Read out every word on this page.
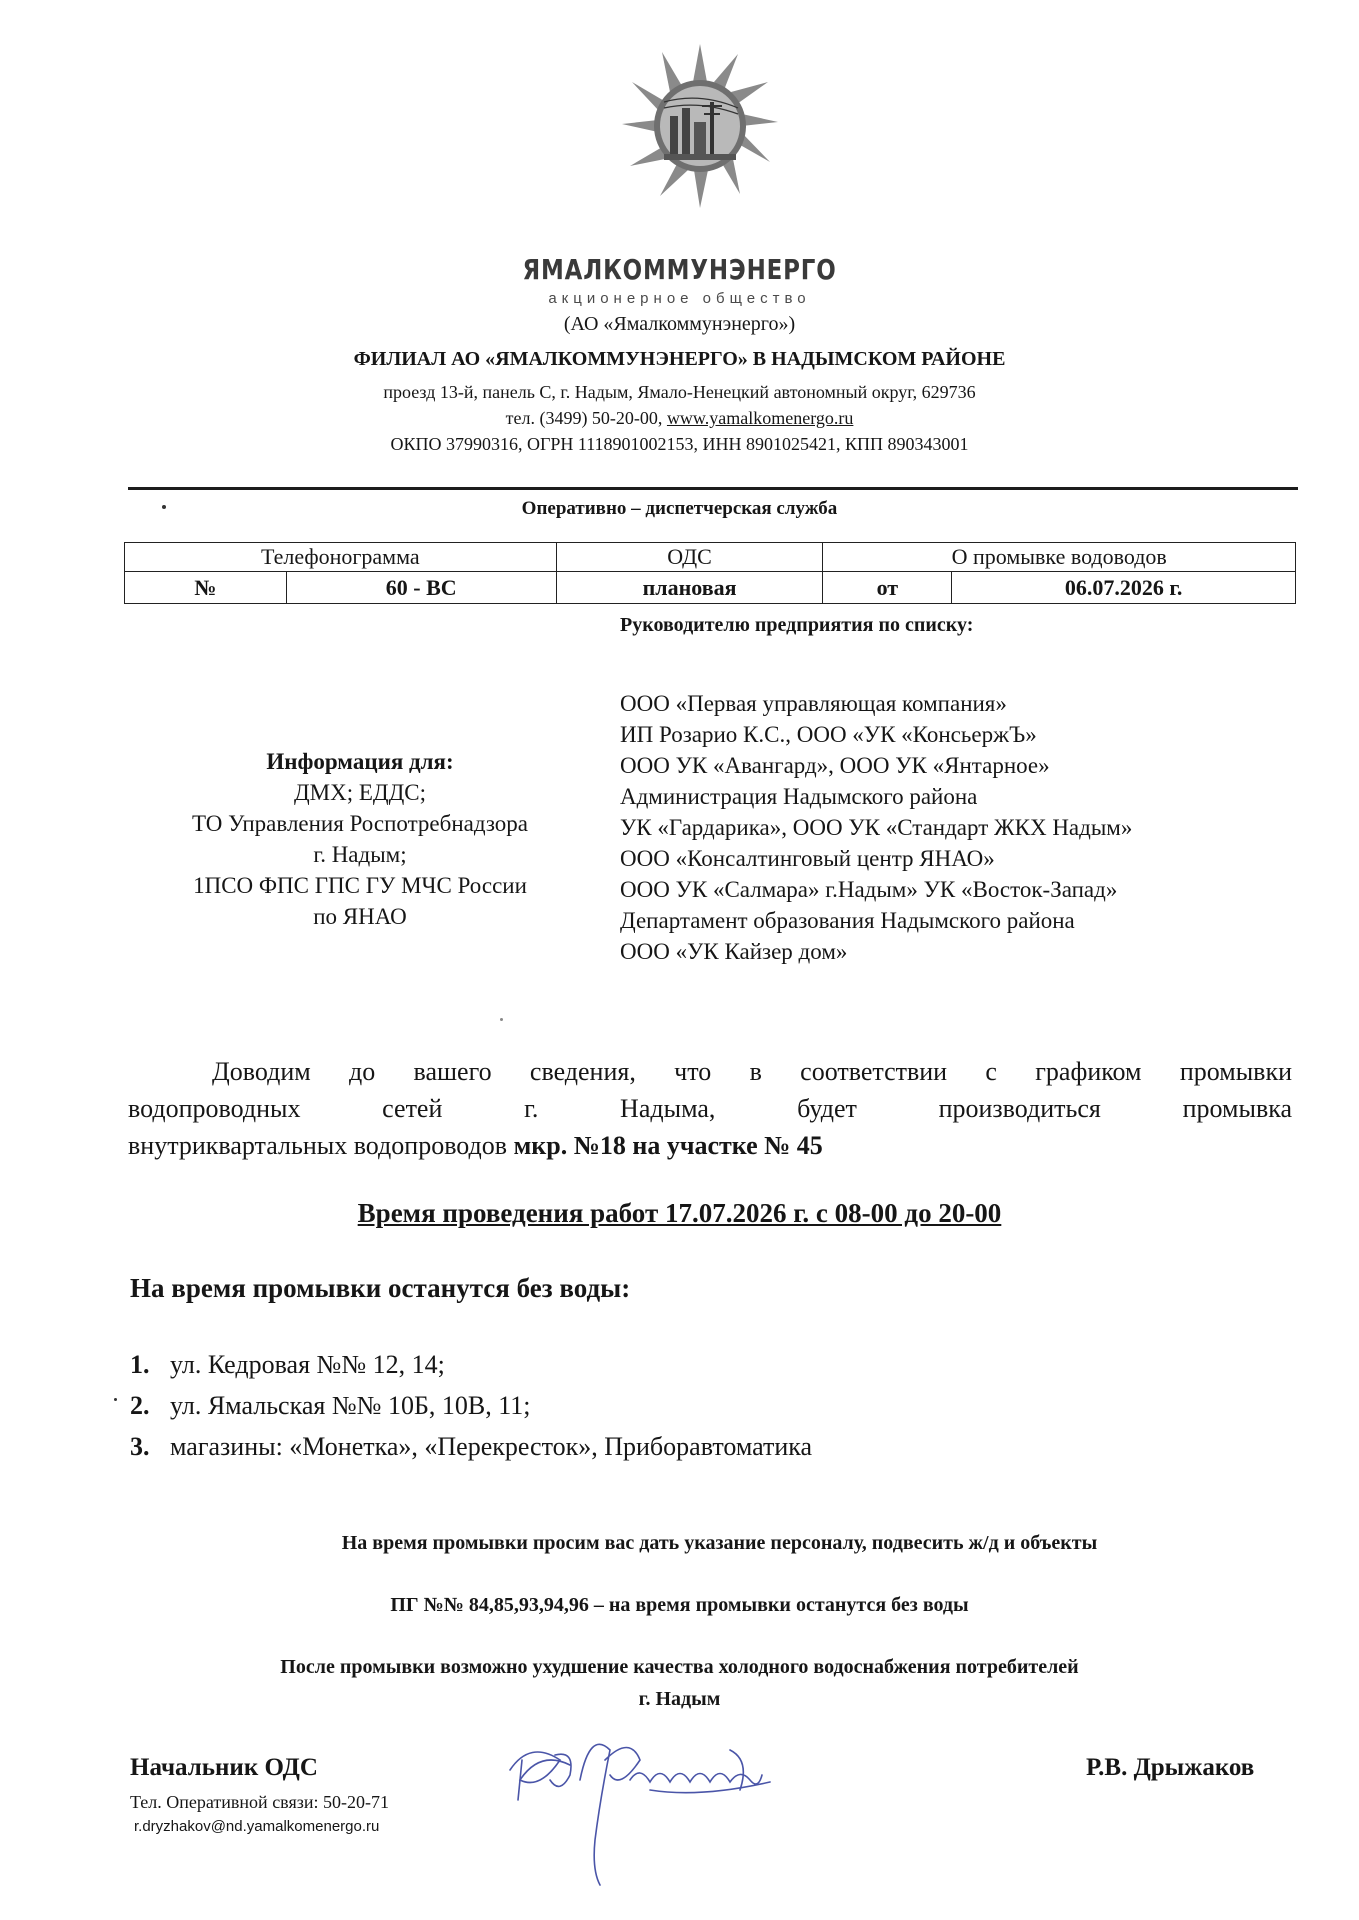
ЯМАЛКОММУНЭНЕРГО
акционерное общество
(АО «Ямалкоммунэнерго»)
ФИЛИАЛ АО «ЯМАЛКОММУНЭНЕРГО» В НАДЫМСКОМ РАЙОНЕ
проезд 13-й, панель С, г. Надым, Ямало-Ненецкий автономный округ, 629736
тел. (3499) 50-20-00, www.yamalkomenergo.ru
ОКПО 37990316, ОГРН 1118901002153, ИНН 8901025421, КПП 890343001
Оперативно – диспетчерская служба
Телефонограмма		ОДС	О промывке водоводов	
№	60 - ВС	плановая	от	06.07.2026 г.
Руководителю предприятия по списку:
Информация для:
ДМХ; ЕДДС;
ТО Управления Роспотребнадзора
г. Надым;
1ПСО ФПС ГПС ГУ МЧС России
по ЯНАО
ООО «Первая управляющая компания»
ИП Розарио К.С., ООО «УК «КонсьержЪ»
ООО УК «Авангард», ООО УК «Янтарное»
Администрация Надымского района
УК «Гардарика», ООО УК «Стандарт ЖКХ Надым»
ООО «Консалтинговый центр ЯНАО»
ООО УК «Салмара» г.Надым» УК «Восток-Запад»
Департамент образования Надымского района
ООО «УК Кайзер дом»
Доводим до вашего сведения, что в соответствии с графиком промывки
водопроводных сетей г. Надыма, будет производиться промывка
внутриквартальных водопроводов мкр. №18 на участке № 45
Время проведения работ 17.07.2026 г. с 08-00 до 20-00
На время промывки останутся без воды:
1. ул. Кедровая №№ 12, 14;
2. ул. Ямальская №№ 10Б, 10В, 11;
3. магазины: «Монетка», «Перекресток», Приборавтоматика
На время промывки просим вас дать указание персоналу, подвесить ж/д и объекты
ПГ №№ 84,85,93,94,96 – на время промывки останутся без воды
После промывки возможно ухудшение качества холодного водоснабжения потребителей
г. Надым
Начальник ОДС
Тел. Оперативной связи: 50-20-71
r.dryzhakov@nd.yamalkomenergo.ru
Р.В. Дрыжаков
